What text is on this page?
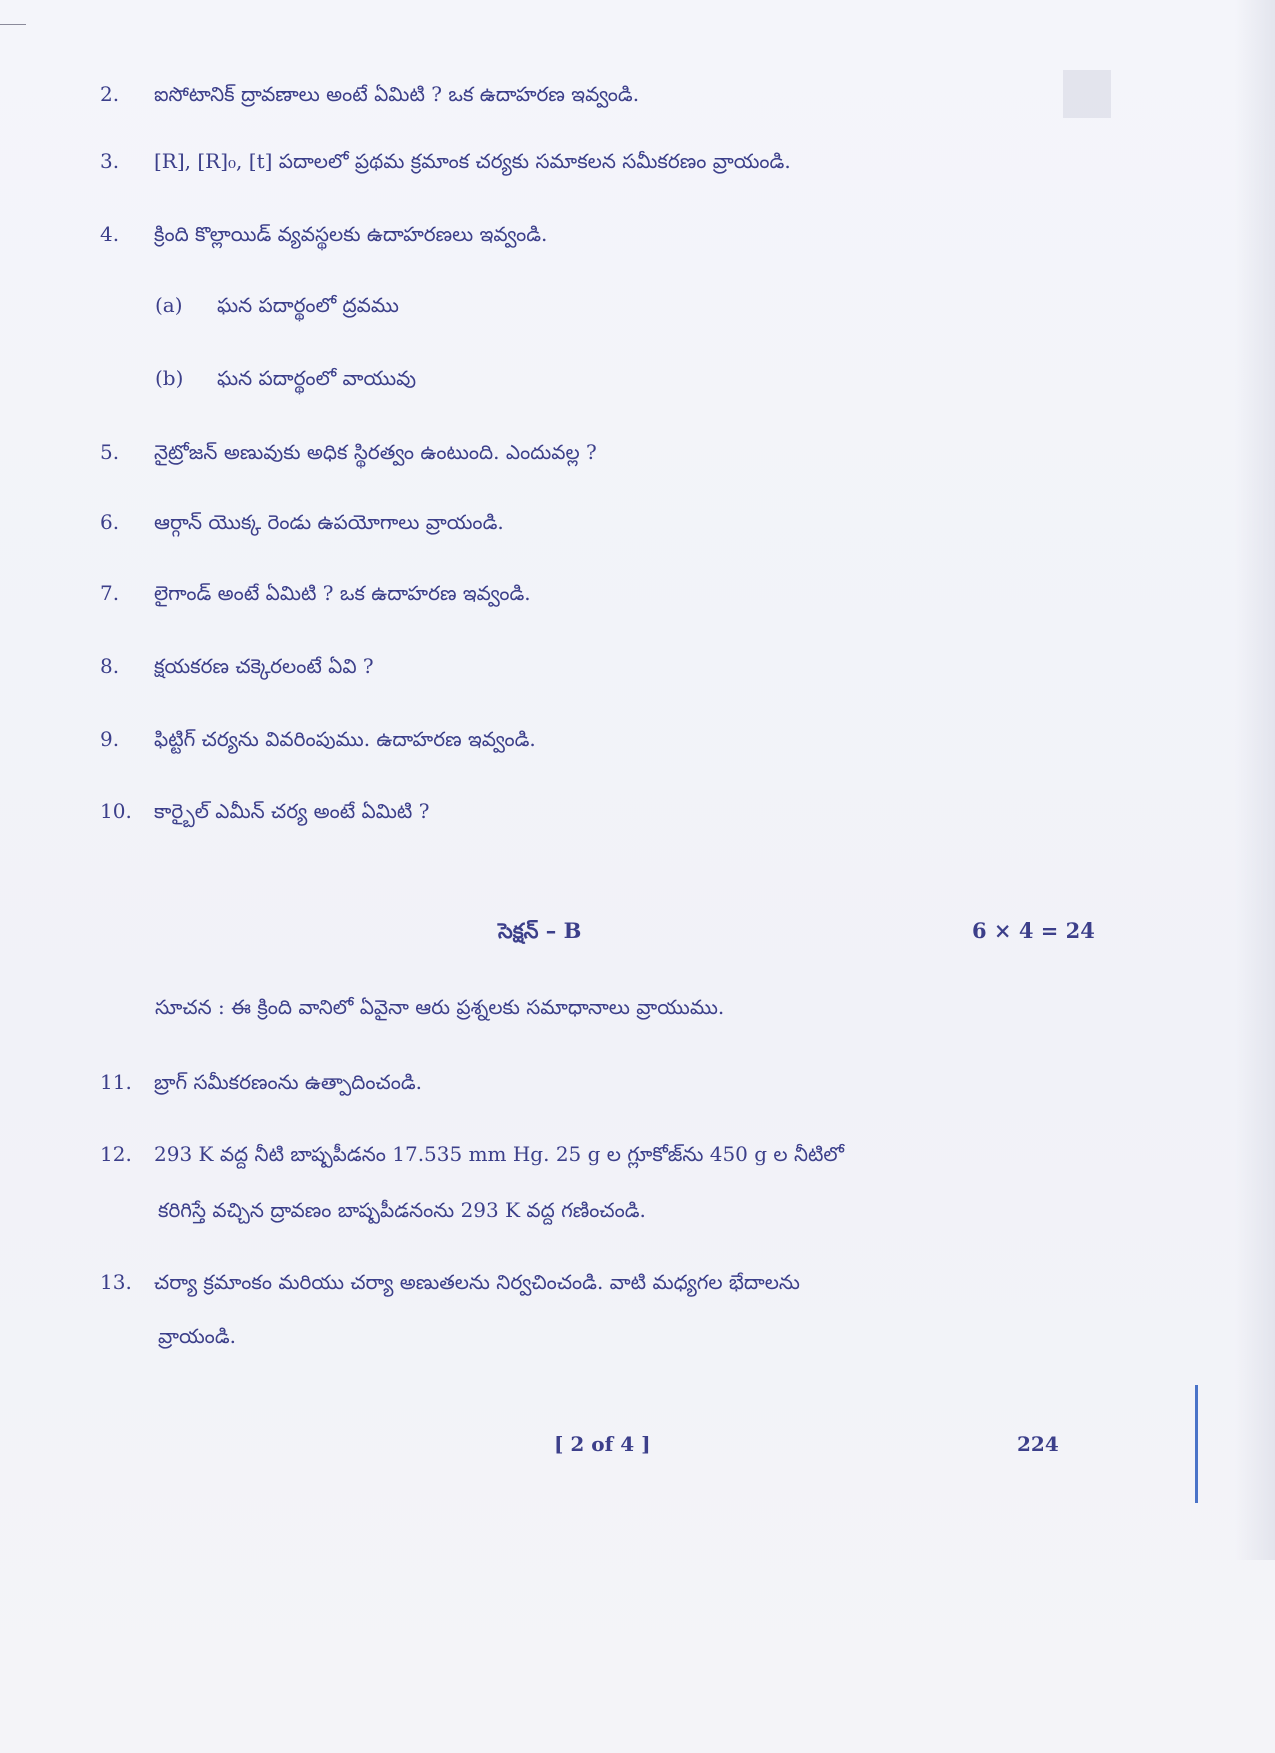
2. ఐసోటానిక్ ద్రావణాలు అంటే ఏమిటి ? ఒక ఉదాహరణ ఇవ్వండి.
3. [R], [R]₀, [t] పదాలలో ప్రథమ క్రమాంక చర్యకు సమాకలన సమీకరణం వ్రాయండి.
4. క్రింది కొల్లాయిడ్ వ్యవస్థలకు ఉదాహరణలు ఇవ్వండి.
(a) ఘన పదార్థంలో ద్రవము
(b) ఘన పదార్థంలో వాయువు
5. నైట్రోజన్ అణువుకు అధిక స్థిరత్వం ఉంటుంది. ఎందువల్ల ?
6. ఆర్గాన్ యొక్క రెండు ఉపయోగాలు వ్రాయండి.
7. లైగాండ్ అంటే ఏమిటి ? ఒక ఉదాహరణ ఇవ్వండి.
8. క్షయకరణ చక్కెరలంటే ఏవి ?
9. ఫిట్టిగ్ చర్యను వివరింపుము. ఉదాహరణ ఇవ్వండి.
10. కార్బైల్ ఎమీన్ చర్య అంటే ఏమిటి ?
సెక్షన్ – B	6 × 4 = 24
సూచన : ఈ క్రింది వానిలో ఏవైనా ఆరు ప్రశ్నలకు సమాధానాలు వ్రాయుము.
11. బ్రాగ్ సమీకరణంను ఉత్పాదించండి.
12. 293 K వద్ద నీటి బాష్పపీడనం 17.535 mm Hg. 25 g ల గ్లూకోజ్‌ను 450 g ల నీటిలో
కరిగిస్తే వచ్చిన ద్రావణం బాష్పపీడనంను 293 K వద్ద గణించండి.
13. చర్యా క్రమాంకం మరియు చర్యా అణుతలను నిర్వచించండి. వాటి మధ్యగల భేదాలను
వ్రాయండి.
[ 2 of 4 ]	224
